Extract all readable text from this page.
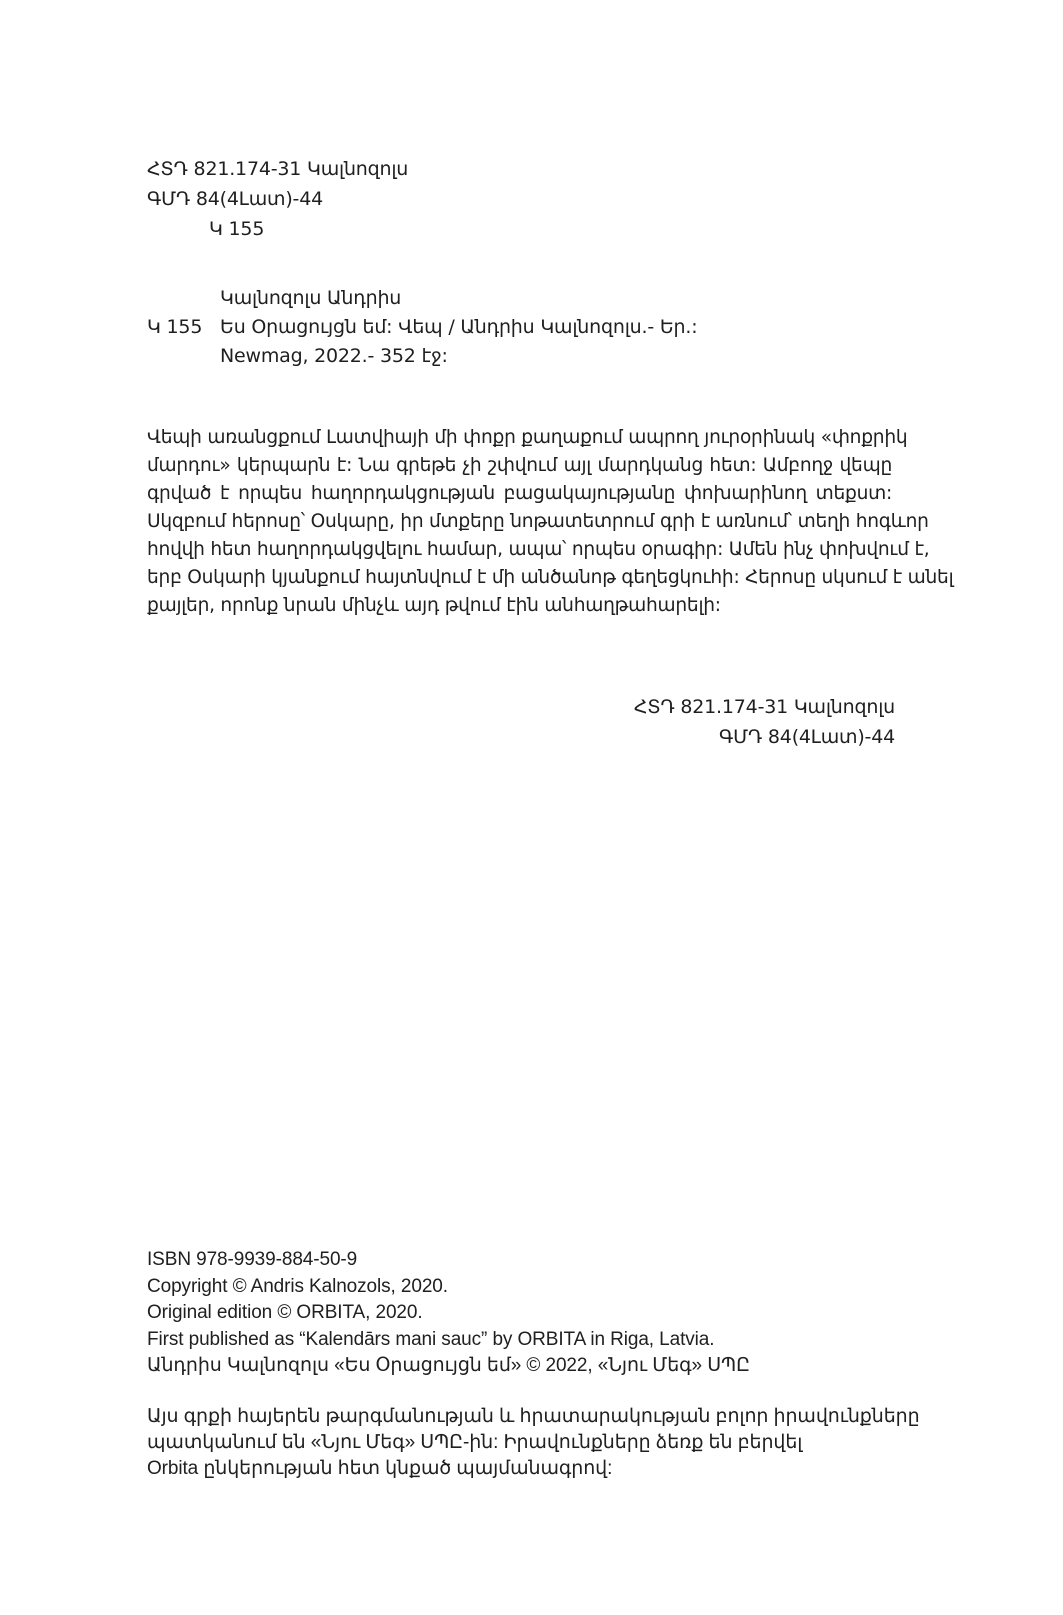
ՀՏԴ 821.174-31 Կալնոզոլս
ԳՄԴ 84(4Լատ)-44
Կ 155
Կալնոզոլս Անդրիս
Կ 155 Ես Օրացույցն եմ: Վեպ / Անդրիս Կալնոզոլս.- Եր.:
Newmag, 2022.- 352 էջ:
Վեպի առանցքում Լատվիայի մի փոքր քաղաքում ապրող յուրօրինակ «փոքրիկ
մարդու» կերպարն է: Նա գրեթե չի շփվում այլ մարդկանց հետ: Ամբողջ վեպը
գրված է որպես հաղորդակցության բացակայությանը փոխարինող տեքստ:
Սկզբում հերոսը՝ Օսկարը, իր մտքերը նոթատետրում գրի է առնում՝ տեղի հոգևոր
հովվի հետ հաղորդակցվելու համար, ապա՝ որպես օրագիր: Ամեն ինչ փոխվում է,
երբ Օսկարի կյանքում հայտնվում է մի անծանոթ գեղեցկուհի: Հերոսը սկսում է անել
քայլեր, որոնք նրան մինչև այդ թվում էին անհաղթահարելի:
ՀՏԴ 821.174-31 Կալնոզոլս
ԳՄԴ 84(4Լատ)-44
ISBN 978-9939-884-50-9
Copyright © Andris Kalnozols, 2020.
Original edition © ORBITA, 2020.
First published as “Kalendārs mani sauc” by ORBITA in Riga, Latvia.
Անդրիս Կալնոզոլս «Ես Օրացույցն եմ» © 2022, «Նյու Մեգ» ՍՊԸ
Այս գրքի հայերեն թարգմանության և հրատարակության բոլոր իրավունքները
պատկանում են «Նյու Մեգ» ՍՊԸ-ին: Իրավունքները ձեռք են բերվել
Orbita ընկերության հետ կնքած պայմանագրով:
